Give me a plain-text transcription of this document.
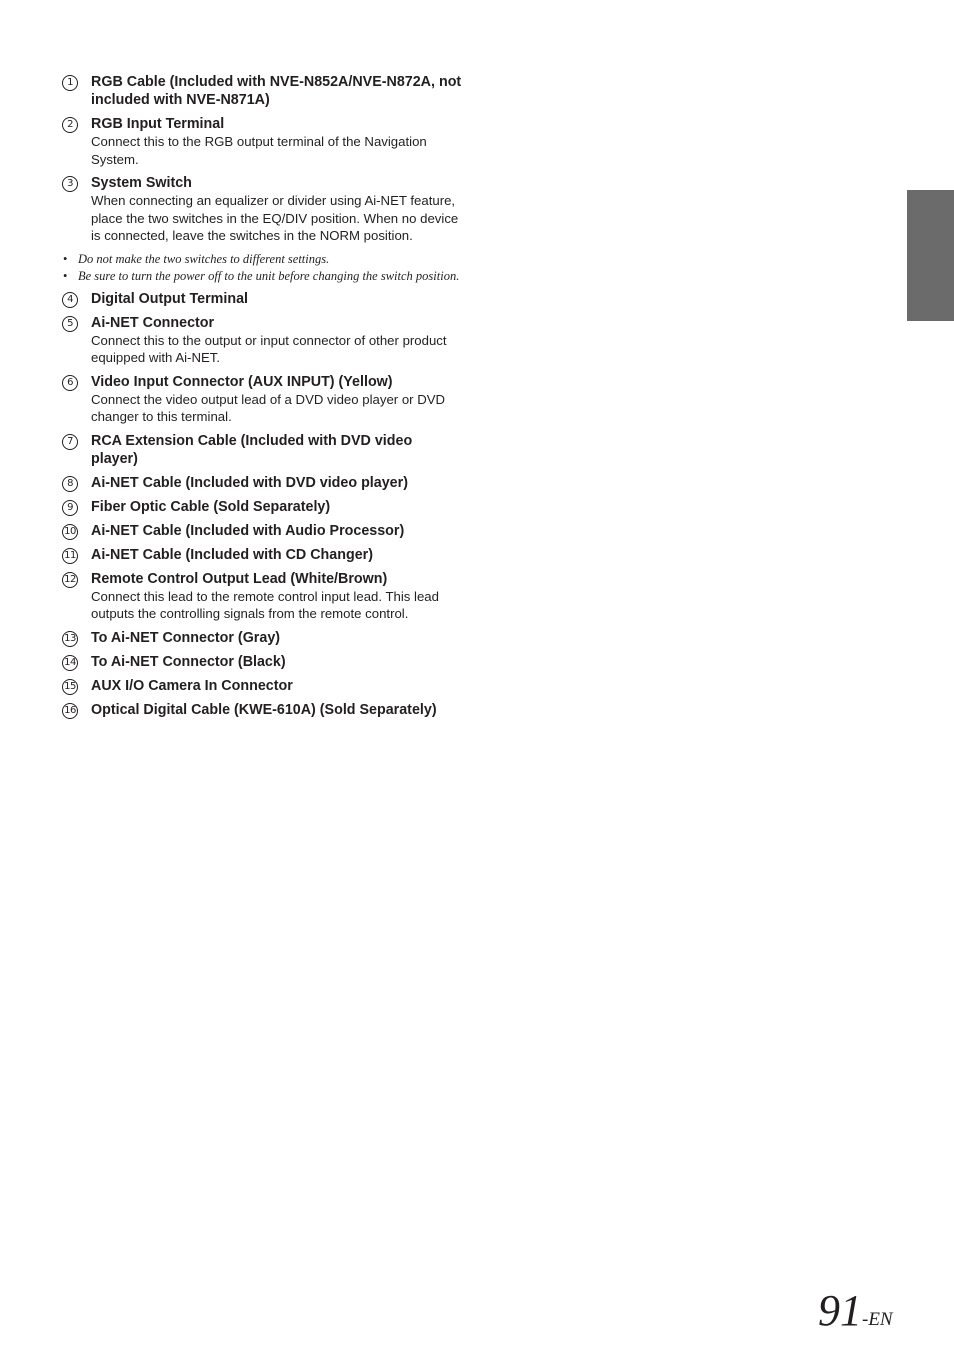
1	RGB Cable (Included with NVE-N852A/NVE-N872A, not included with NVE-N871A)
2	RGB Input Terminal
Connect this to the RGB output terminal of the Navigation System.
3	System Switch
When connecting an equalizer or divider using Ai-NET feature, place the two switches in the EQ/DIV position. When no device is connected, leave the switches in the NORM position.
• Do not make the two switches to different settings.
• Be sure to turn the power off to the unit before changing the switch position.
4	Digital Output Terminal
5	Ai-NET Connector
Connect this to the output or input connector of other product equipped with Ai-NET.
6	Video Input Connector (AUX INPUT) (Yellow)
Connect the video output lead of a DVD video player or DVD changer to this terminal.
7	RCA Extension Cable (Included with DVD video player)
8	Ai-NET Cable (Included with DVD video player)
9	Fiber Optic Cable (Sold Separately)
10 Ai-NET Cable (Included with Audio Processor)
11 Ai-NET Cable (Included with CD Changer)
12 Remote Control Output Lead (White/Brown)
Connect this lead to the remote control input lead. This lead outputs the controlling signals from the remote control.
13 To Ai-NET Connector (Gray)
14 To Ai-NET Connector (Black)
15 AUX I/O Camera In Connector
16 Optical Digital Cable (KWE-610A) (Sold Separately)
91-EN
